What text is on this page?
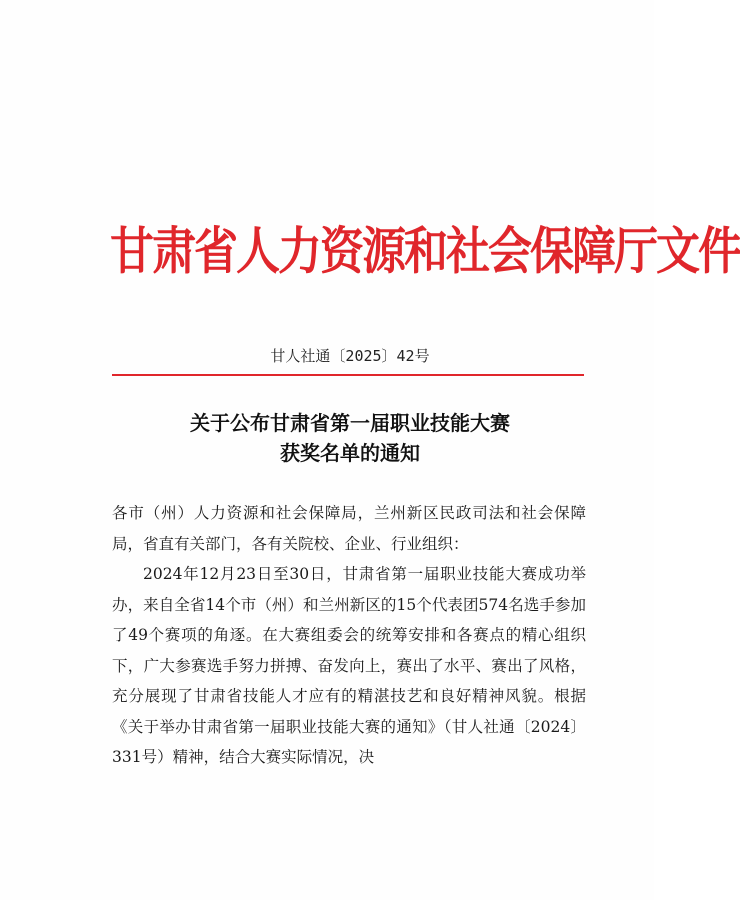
甘肃省人力资源和社会保障厅文件
甘人社通〔2025〕42号
关于公布甘肃省第一届职业技能大赛
获奖名单的通知

各市（州）人力资源和社会保障局，兰州新区民政司法和社会保障局，省直有关部门，各有关院校、企业、行业组织：

2024年12月23日至30日，甘肃省第一届职业技能大赛成功举办，来自全省14个市（州）和兰州新区的15个代表团574名选手参加了49个赛项的角逐。在大赛组委会的统筹安排和各赛点的精心组织下，广大参赛选手努力拼搏、奋发向上，赛出了水平、赛出了风格，充分展现了甘肃省技能人才应有的精湛技艺和良好精神风貌。根据《关于举办甘肃省第一届职业技能大赛的通知》（甘人社通〔2024〕331号）精神，结合大赛实际情况，决
